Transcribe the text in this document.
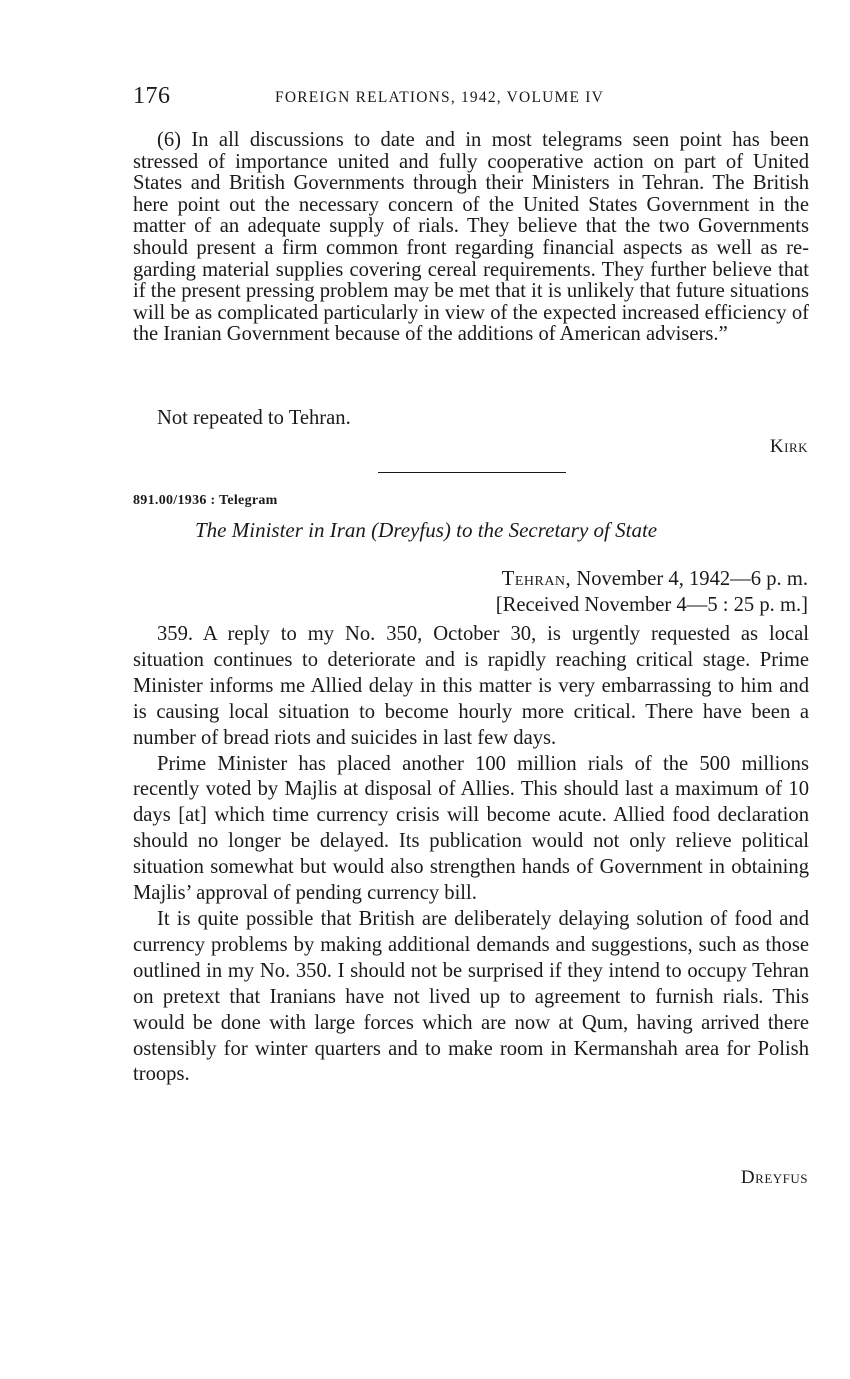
176	FOREIGN RELATIONS, 1942, VOLUME IV

(6) In all discussions to date and in most telegrams seen point has been stressed of importance united and fully cooperative action on part of United States and British Governments through their Ministers in Tehran. The British here point out the necessary concern of the United States Government in the matter of an adequate supply of rials. They believe that the two Governments should present a firm common front regarding financial aspects as well as regarding material supplies covering cereal requirements. They further believe that if the present pressing problem may be met that it is unlikely that future situations will be as complicated particularly in view of the expected increased efficiency of the Iranian Government because of the additions of American advisers.”

Not repeated to Tehran.
Kirk
891.00/1936 : Telegram
The Minister in Iran (Dreyfus) to the Secretary of State
Tehran, November 4, 1942—6 p. m.
[Received November 4—5 : 25 p. m.]

359. A reply to my No. 350, October 30, is urgently requested as local situation continues to deteriorate and is rapidly reaching critical stage. Prime Minister informs me Allied delay in this matter is very embarrassing to him and is causing local situation to become hourly more critical. There have been a number of bread riots and suicides in last few days.

Prime Minister has placed another 100 million rials of the 500 millions recently voted by Majlis at disposal of Allies. This should last a maximum of 10 days [at] which time currency crisis will become acute. Allied food declaration should no longer be delayed. Its publication would not only relieve political situation somewhat but would also strengthen hands of Government in obtaining Majlis’ approval of pending currency bill.

It is quite possible that British are deliberately delaying solution of food and currency problems by making additional demands and suggestions, such as those outlined in my No. 350. I should not be surprised if they intend to occupy Tehran on pretext that Iranians have not lived up to agreement to furnish rials. This would be done with large forces which are now at Qum, having arrived there ostensibly for winter quarters and to make room in Kermanshah area for Polish troops.

Dreyfus
